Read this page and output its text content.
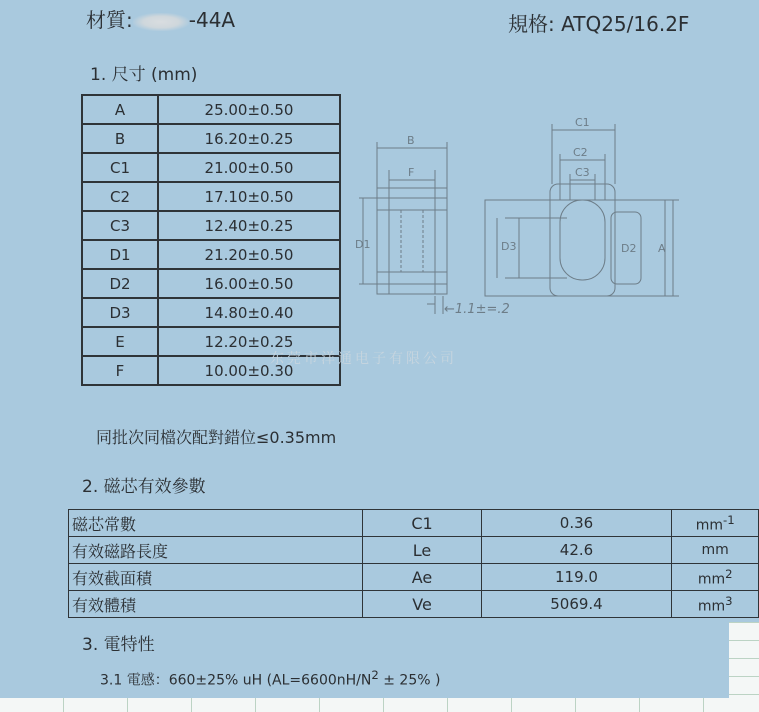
材質:	-44A	規格: ATQ25/16.2F
1. 尺寸 (mm)
A	25.00±0.50
B	16.20±0.25
C1	21.00±0.50
C2	17.10±0.50
C3	12.40±0.25
D1	21.20±0.50
D2	16.00±0.50
D3	14.80±0.40
E	12.20±0.25
F	10.00±0.30
B
F
D1
C1
C2
C3
D3	D2 A
←1.1±=.2
东莞市洋通电子有限公司
同批次同檔次配對錯位≤0.35mm
2. 磁芯有效參數
磁芯常數	C1	0.36	$mm^{-1}$
有效磁路長度	Le	42.6	mm
有效截面積	Ae	119.0	$mm^2$
有效體積	Ve	5069.4	$mm^3$
3. 電特性
3.1 電感：660±25% uH ($AL=6600nH/N^2 \pm 25\%$ )
